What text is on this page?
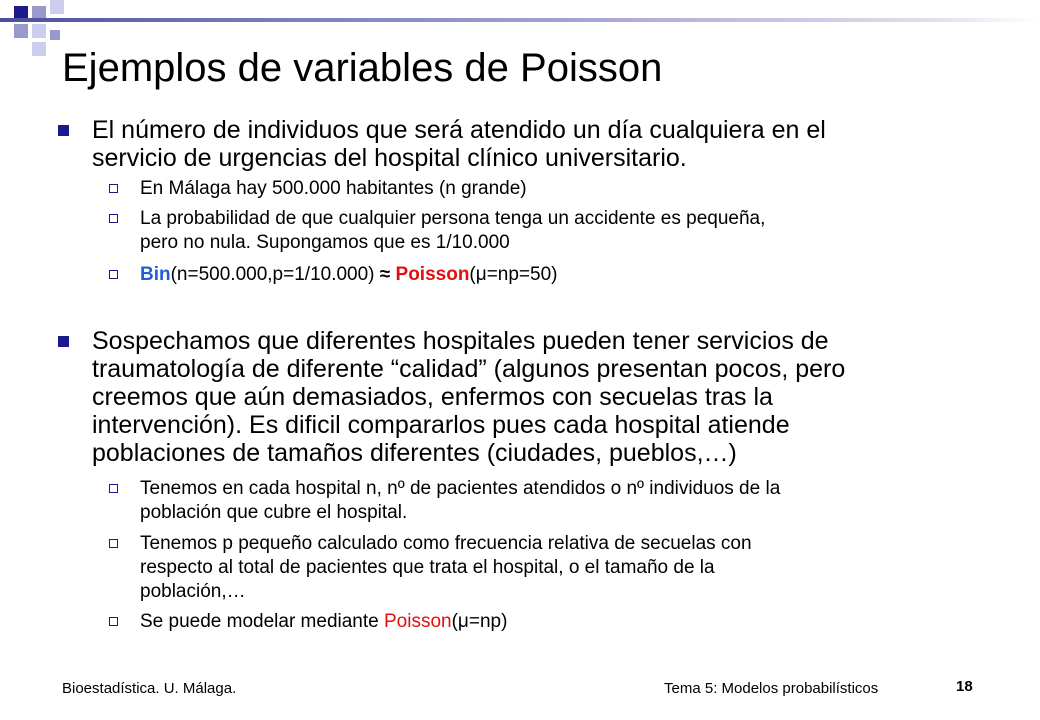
Ejemplos de variables de Poisson
El número de individuos que será atendido un día cualquiera en el
servicio de urgencias del hospital clínico universitario.
En Málaga hay 500.000 habitantes (n grande)
La probabilidad de que cualquier persona tenga un accidente es pequeña,
pero no nula. Supongamos que es 1/10.000
Bin(n=500.000,p=1/10.000) ≈ Poisson(μ=np=50)
Sospechamos que diferentes hospitales pueden tener servicios de
traumatología de diferente “calidad” (algunos presentan pocos, pero
creemos que aún demasiados, enfermos con secuelas tras la
intervención). Es dificil compararlos pues cada hospital atiende
poblaciones de tamaños diferentes (ciudades, pueblos,…)
Tenemos en cada hospital n, nº de pacientes atendidos o nº individuos de la
población que cubre el hospital.
Tenemos p pequeño calculado como frecuencia relativa de secuelas con
respecto al total de pacientes que trata el hospital, o el tamaño de la
población,…
Se puede modelar mediante Poisson(μ=np)
Bioestadística. U. Málaga.	Tema 5: Modelos probabilísticos	18
